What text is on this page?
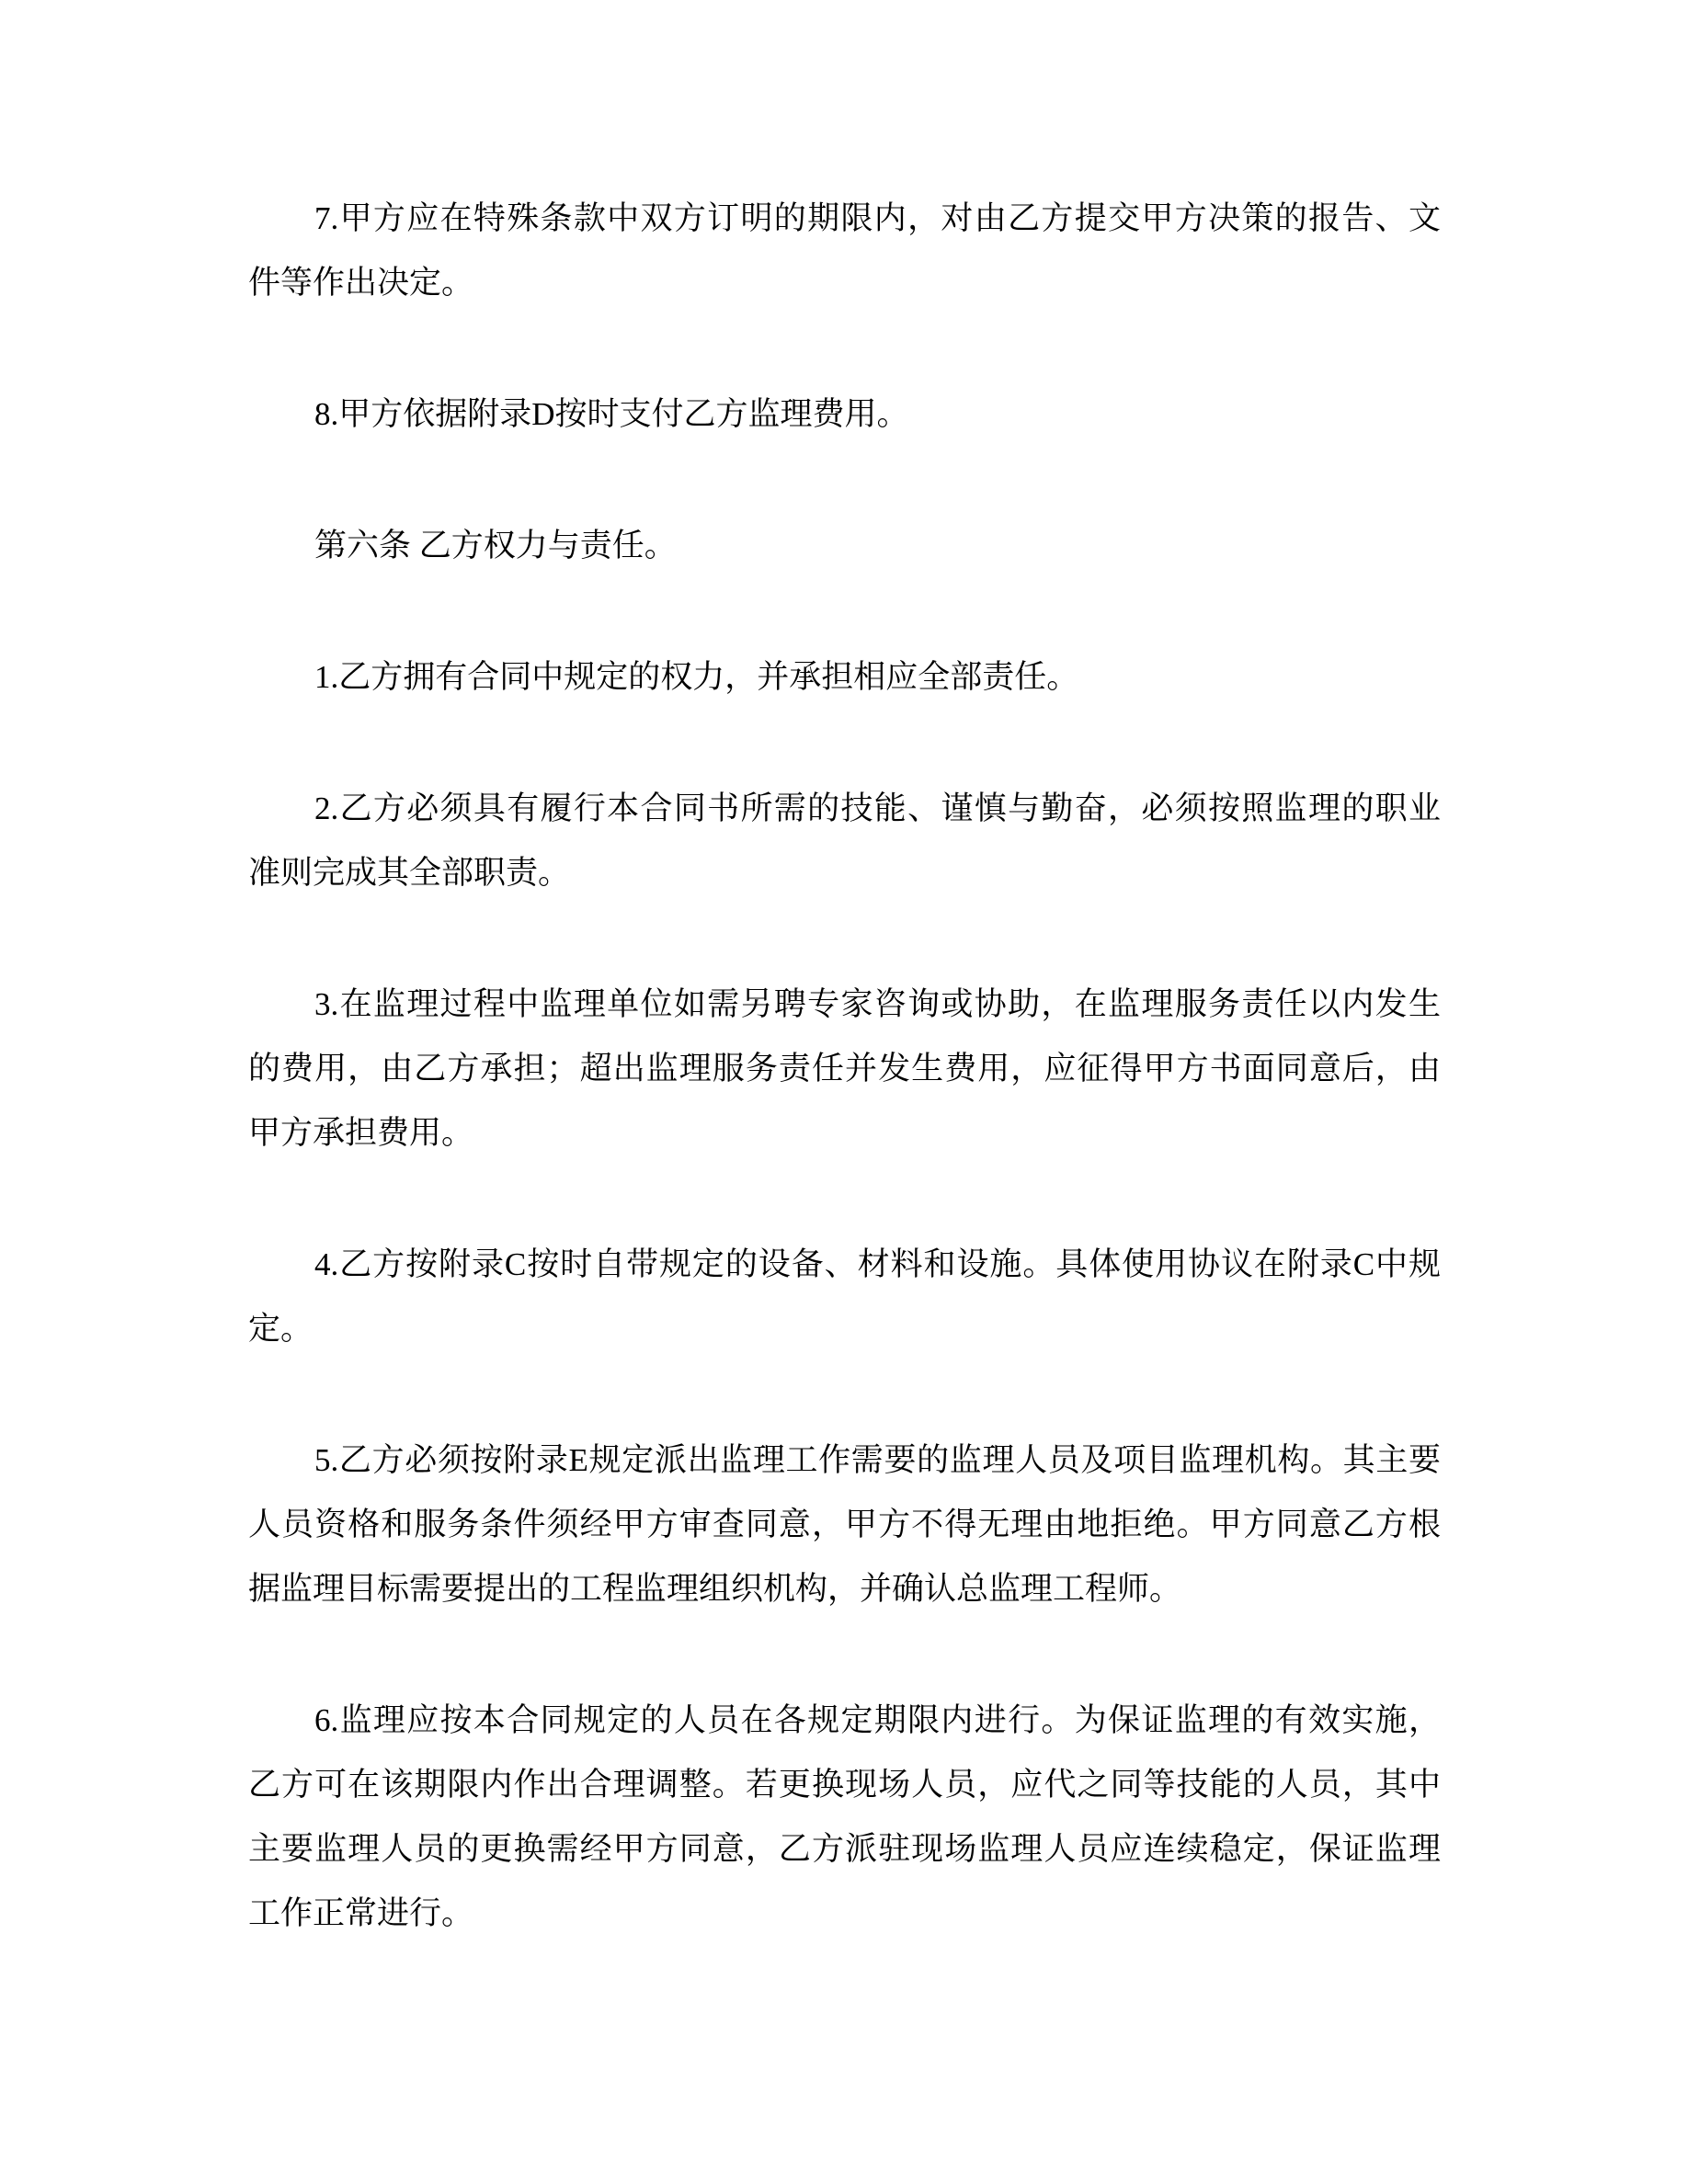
7.甲方应在特殊条款中双方订明的期限内，对由乙方提交甲方决策的报告、文
件等作出决定。
8.甲方依据附录D按时支付乙方监理费用。
第六条 乙方权力与责任。
1.乙方拥有合同中规定的权力，并承担相应全部责任。
2.乙方必须具有履行本合同书所需的技能、谨慎与勤奋，必须按照监理的职业
准则完成其全部职责。
3.在监理过程中监理单位如需另聘专家咨询或协助，在监理服务责任以内发生
的费用，由乙方承担；超出监理服务责任并发生费用，应征得甲方书面同意后，由
甲方承担费用。
4.乙方按附录C按时自带规定的设备、材料和设施。具体使用协议在附录C中规
定。
5.乙方必须按附录E规定派出监理工作需要的监理人员及项目监理机构。其主要
人员资格和服务条件须经甲方审查同意，甲方不得无理由地拒绝。甲方同意乙方根
据监理目标需要提出的工程监理组织机构，并确认总监理工程师。
6.监理应按本合同规定的人员在各规定期限内进行。为保证监理的有效实施，
乙方可在该期限内作出合理调整。若更换现场人员，应代之同等技能的人员，其中
主要监理人员的更换需经甲方同意，乙方派驻现场监理人员应连续稳定，保证监理
工作正常进行。
